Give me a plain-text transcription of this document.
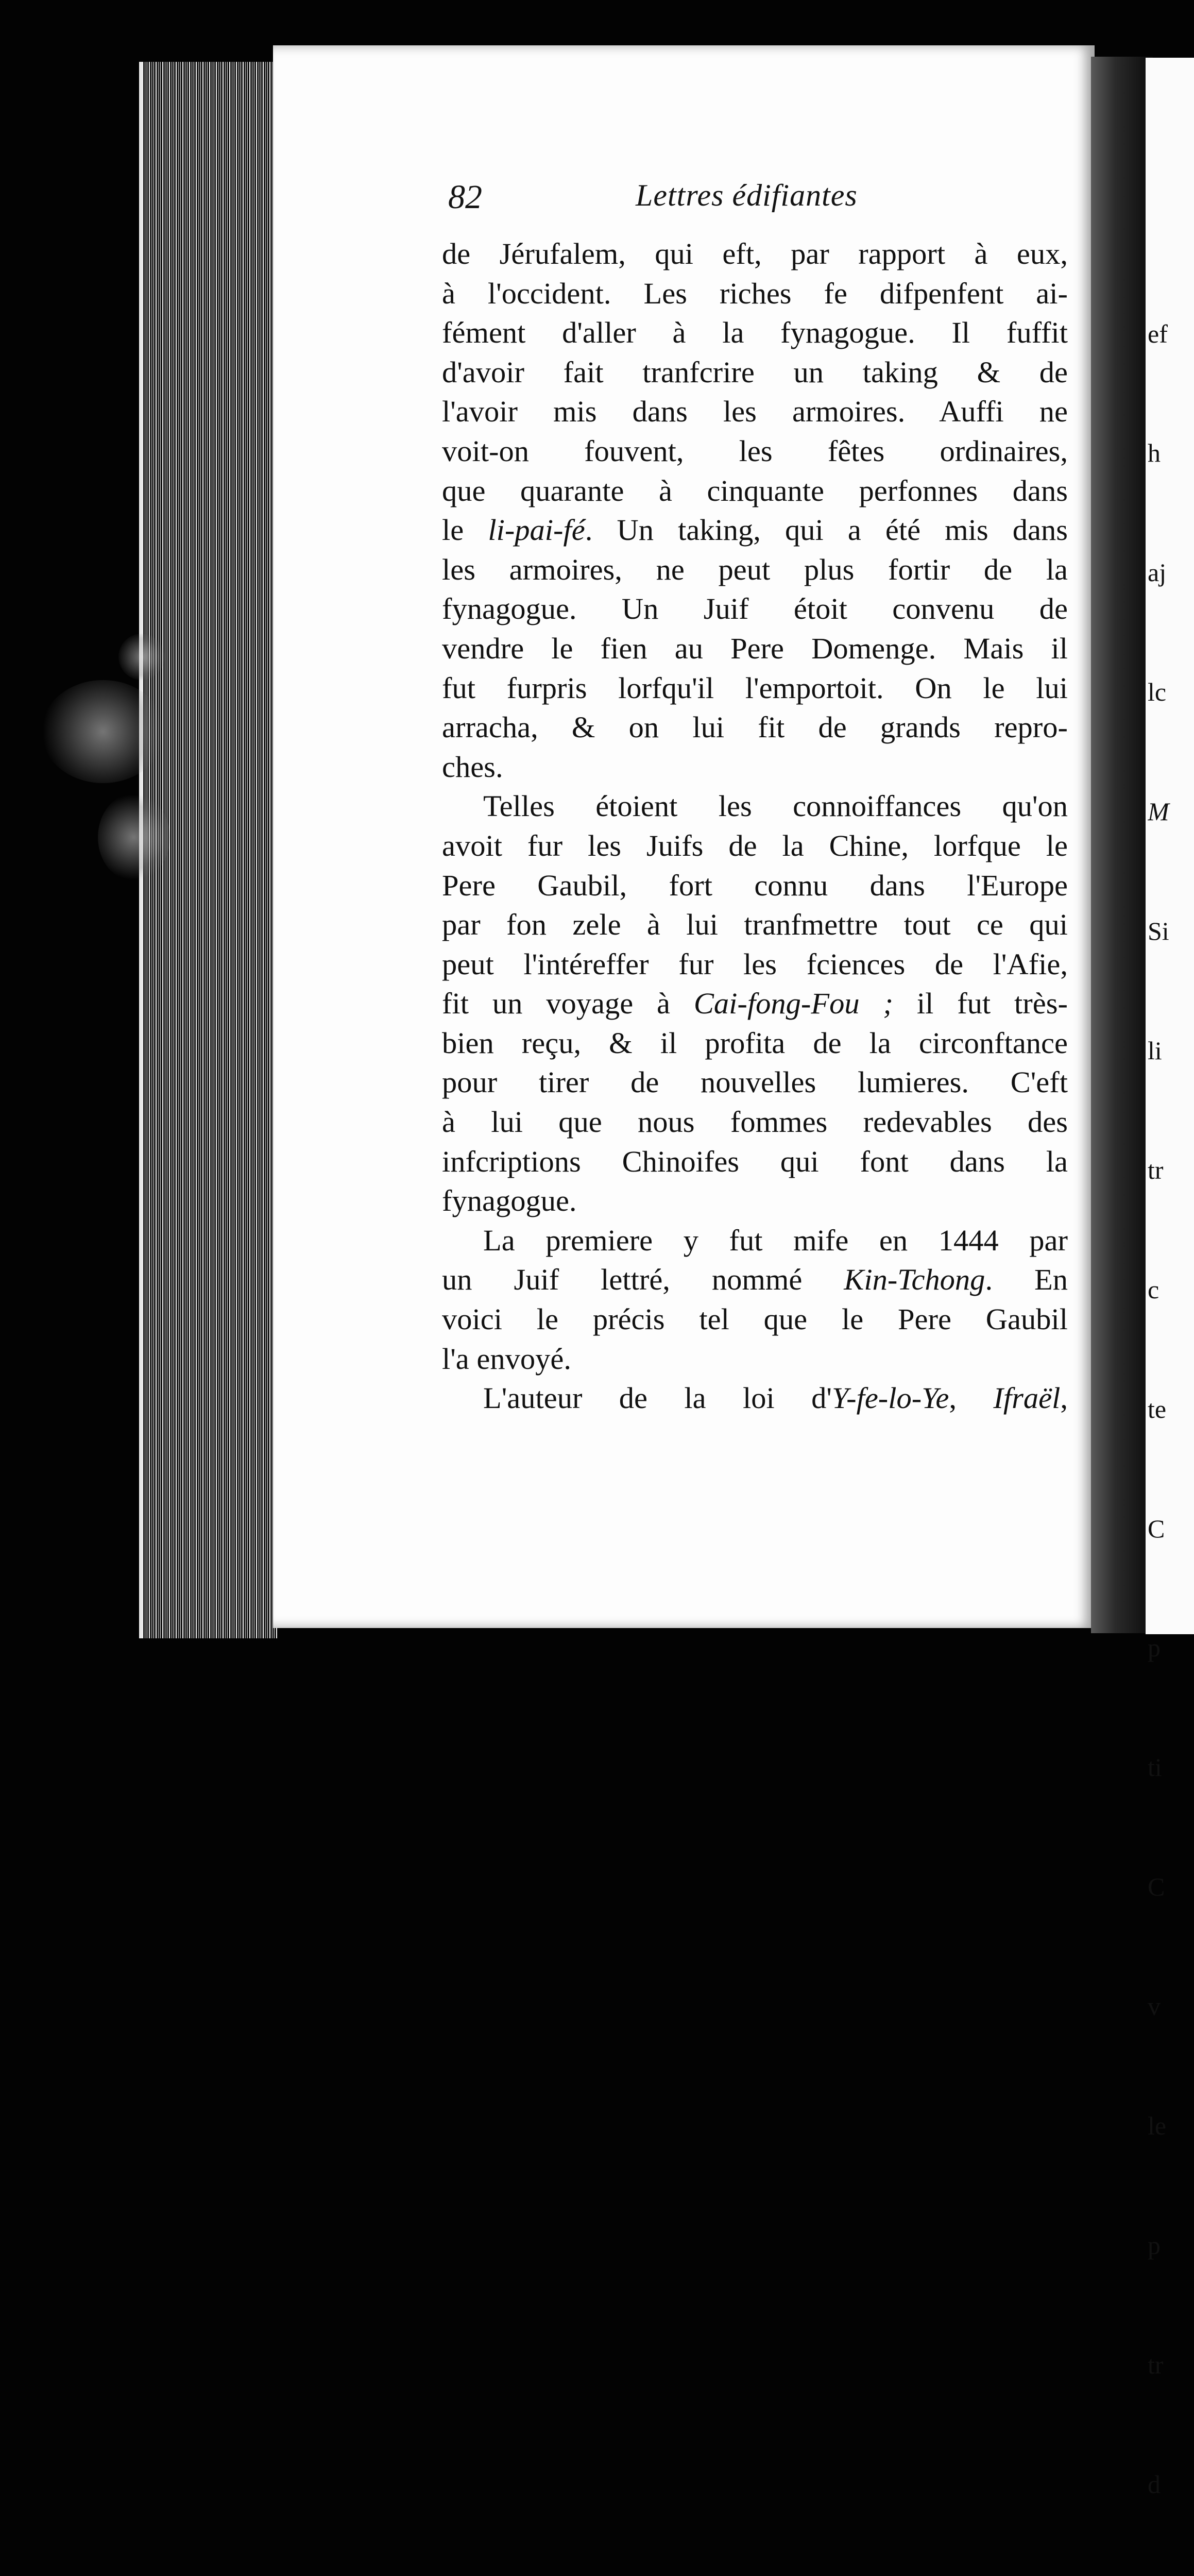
ef

h

aj

lc

M

Si

li

tr

c

te

C

p

ti

C

v

le

p

tr

d

82	Lettres édifiantes
de Jérufalem, qui eft, par rapport à eux,
à l'occident. Les riches fe difpenfent ai-
fément d'aller à la fynagogue. Il fuffit
d'avoir fait tranfcrire un taking & de
l'avoir mis dans les armoires. Auffi ne
voit-on fouvent, les fêtes ordinaires,
que quarante à cinquante perfonnes dans
le li-pai-fé. Un taking, qui a été mis dans
les armoires, ne peut plus fortir de la
fynagogue. Un Juif étoit convenu de
vendre le fien au Pere Domenge. Mais il
fut furpris lorfqu'il l'emportoit. On le lui
arracha, & on lui fit de grands repro-
ches.
Telles étoient les connoiffances qu'on
avoit fur les Juifs de la Chine, lorfque le
Pere Gaubil, fort connu dans l'Europe
par fon zele à lui tranfmettre tout ce qui
peut l'intéreffer fur les fciences de l'Afie,
fit un voyage à Cai-fong-Fou ; il fut très-
bien reçu, & il profita de la circonftance
pour tirer de nouvelles lumieres. C'eft
à lui que nous fommes redevables des
infcriptions Chinoifes qui font dans la
fynagogue.
La premiere y fut mife en 1444 par
un Juif lettré, nommé Kin-Tchong. En
voici le précis tel que le Pere Gaubil
l'a envoyé.
L'auteur de la loi d'Y-fe-lo-Ye, Ifraël,
